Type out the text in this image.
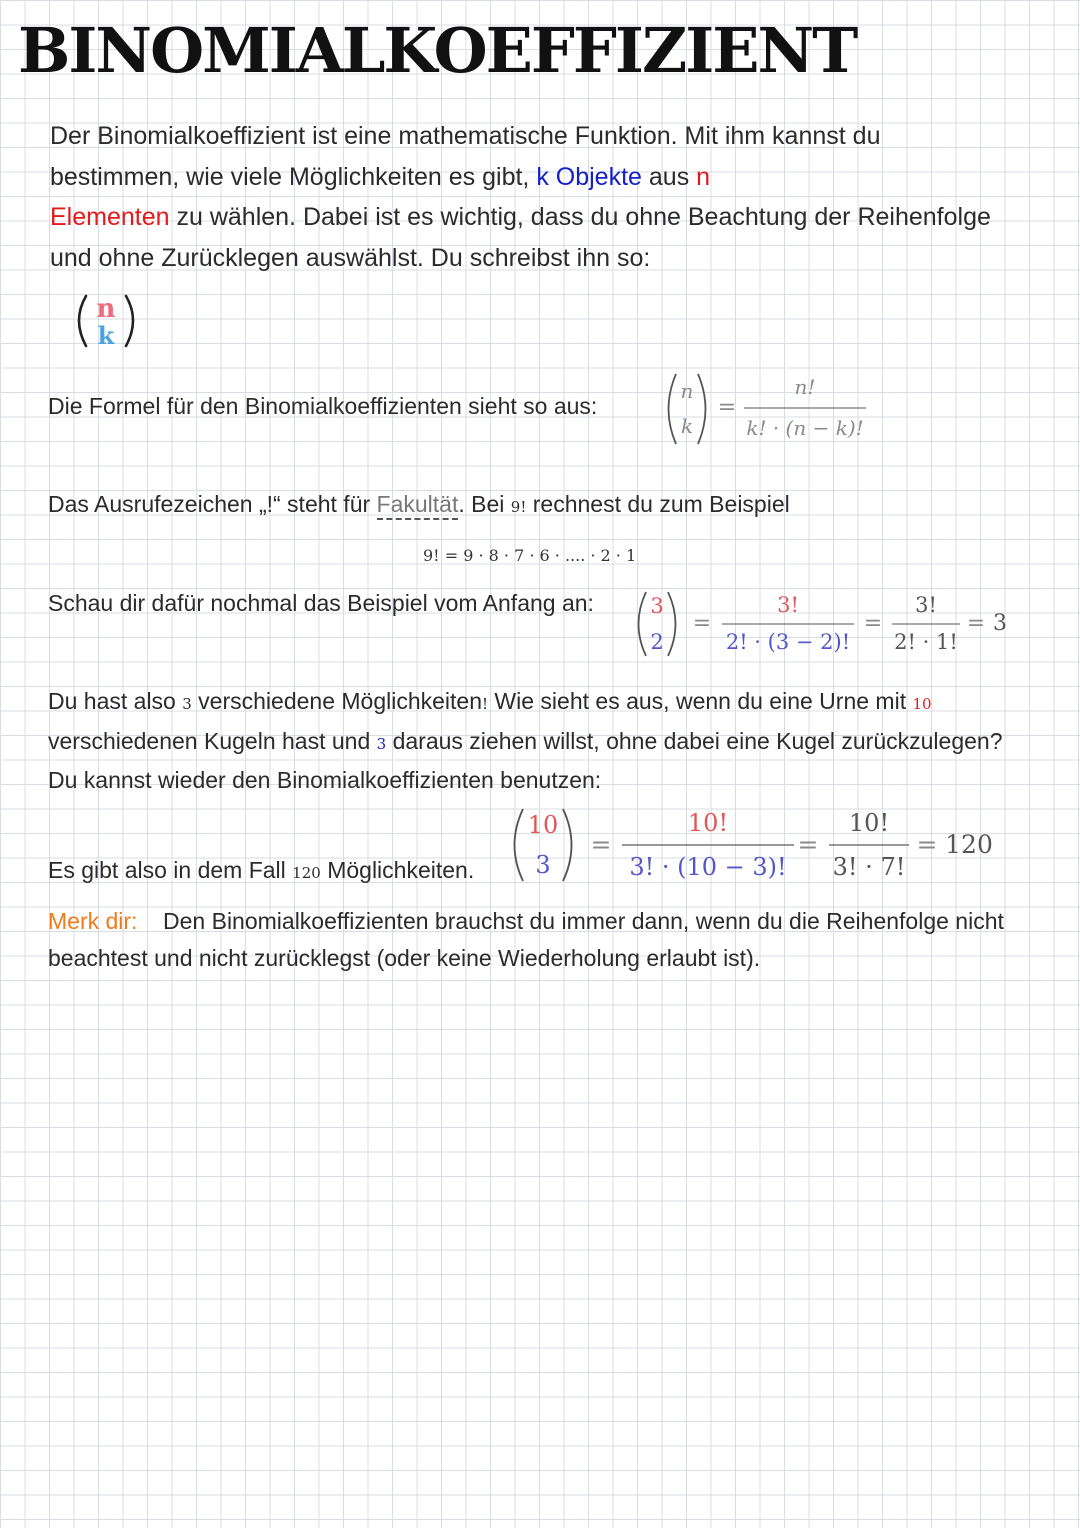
BINOMIALKOEFFIZIENT
Der Binomialkoeffizient ist eine mathematische Funktion. Mit ihm kannst du bestimmen, wie viele Möglichkeiten es gibt, k Objekte aus n
Elementen zu wählen. Dabei ist es wichtig, dass du ohne Beachtung der Reihenfolge und ohne Zurücklegen auswählst. Du schreibst ihn so:
n
k
Die Formel für den Binomialkoeffizienten sieht so aus:
n
k
=
n!
k! · (n − k)!
Das Ausrufezeichen „!“ steht für Fakultät. Bei 9! rechnest du zum Beispiel
9! = 9 · 8 · 7 · 6 · .... · 2 · 1
Schau dir dafür nochmal das Beispiel vom Anfang an:	3
2
=
3!
2! · (3 − 2)!
=
3!
2! · 1!
= 3
Du hast also 3 verschiedene Möglichkeiten! Wie sieht es aus, wenn du eine Urne mit 10
verschiedenen Kugeln hast und 3 daraus ziehen willst, ohne dabei eine Kugel zurückzulegen? Du kannst wieder den Binomialkoeffizienten benutzen:
10
3
=
10!
3! · (10 − 3)!
=
10!
3! · 7!
= 120
Es gibt also in dem Fall 120 Möglichkeiten.
Merk dir:    Den Binomialkoeffizienten brauchst du immer dann, wenn du die Reihenfolge nicht beachtest und nicht zurücklegst (oder keine Wiederholung erlaubt ist).
